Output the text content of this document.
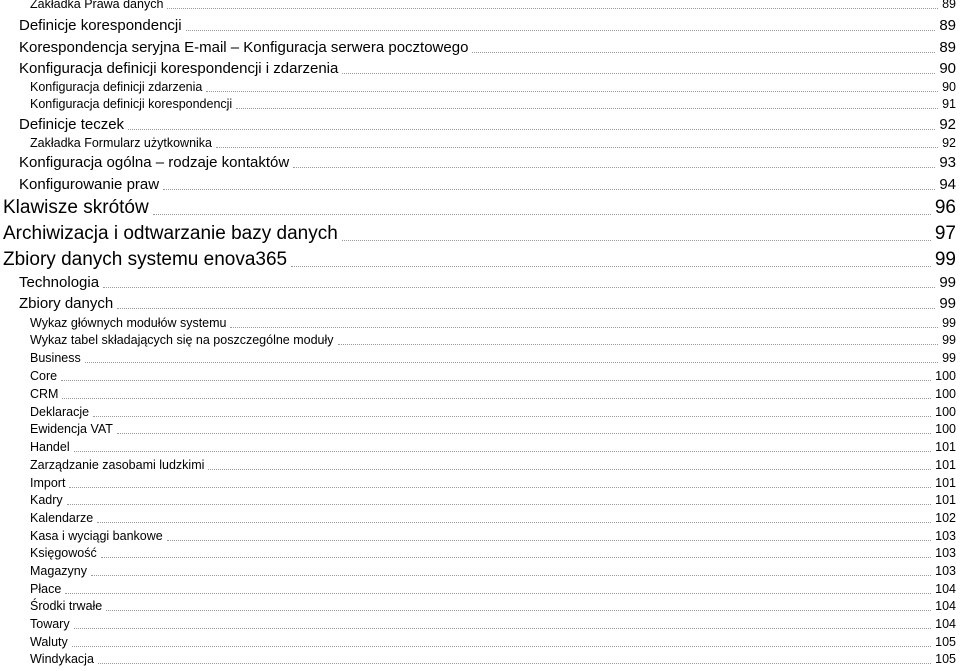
Zakładka Prawa danych	89
Definicje korespondencji	89
Korespondencja seryjna E-mail – Konfiguracja serwera pocztowego	89
Konfiguracja definicji korespondencji i zdarzenia	90
Konfiguracja definicji zdarzenia	90
Konfiguracja definicji korespondencji	91
Definicje teczek	92
Zakładka Formularz użytkownika	92
Konfiguracja ogólna – rodzaje kontaktów	93
Konfigurowanie praw	94
Klawisze skrótów	96
Archiwizacja i odtwarzanie bazy danych	97
Zbiory danych systemu enova365	99
Technologia	99
Zbiory danych	99
Wykaz głównych modułów systemu	99
Wykaz tabel składających się na poszczególne moduły	99
Business	99
Core	100
CRM	100
Deklaracje	100
Ewidencja VAT	100
Handel	101
Zarządzanie zasobami ludzkimi	101
Import	101
Kadry	101
Kalendarze	102
Kasa i wyciągi bankowe	103
Księgowość	103
Magazyny	103
Płace	104
Środki trwałe	104
Towary	104
Waluty	105
Windykacja	105
